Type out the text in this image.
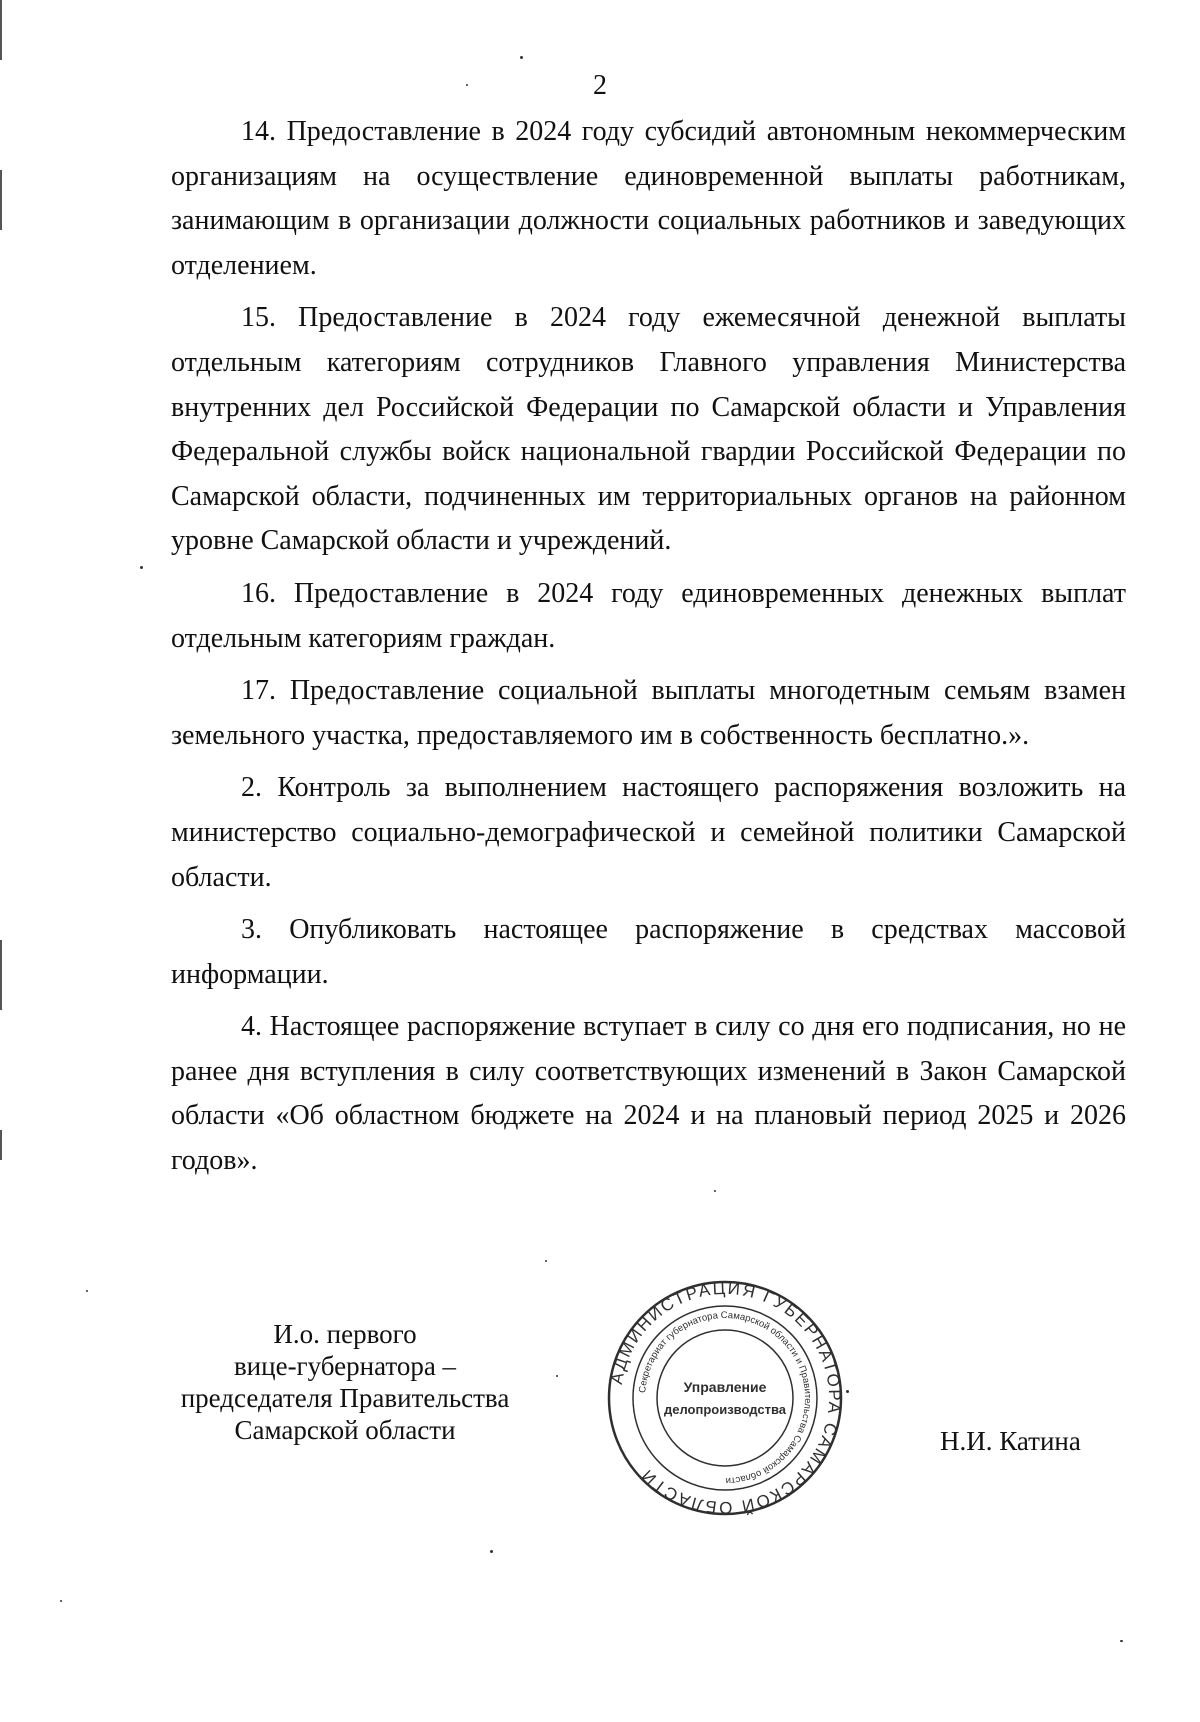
2

14. Предоставление в 2024 году субсидий автономным некоммерческим организациям на осуществление единовременной выплаты работникам, занимающим в организации должности социальных работников и заведующих отделением.

15. Предоставление в 2024 году ежемесячной денежной выплаты отдельным категориям сотрудников Главного управления Министерства внутренних дел Российской Федерации по Самарской области и Управления Федеральной службы войск национальной гвардии Российской Федерации по Самарской области, подчиненных им территориальных органов на районном уровне Самарской области и учреждений.

16. Предоставление в 2024 году единовременных денежных выплат отдельным категориям граждан.

17. Предоставление социальной выплаты многодетным семьям взамен земельного участка, предоставляемого им в собственность бесплатно.».

2. Контроль за выполнением настоящего распоряжения возложить на министерство социально-демографической и семейной политики Самарской области.

3. Опубликовать настоящее распоряжение в средствах массовой информации.

4. Настоящее распоряжение вступает в силу со дня его подписания, но не ранее дня вступления в силу соответствующих изменений в Закон Самарской области «Об областном бюджете на 2024 и на плановый период 2025 и 2026 годов».

И.о. первого
вице-губернатора –
председателя Правительства
Самарской области
АДМИНИСТРАЦИЯ ГУБЕРНАТОРА САМАРСКОЙ ОБЛАСТИ
Секретариат губернатора Самарской области и Правительства Самарской области
Управление
делопроизводства
Н.И. Катина
